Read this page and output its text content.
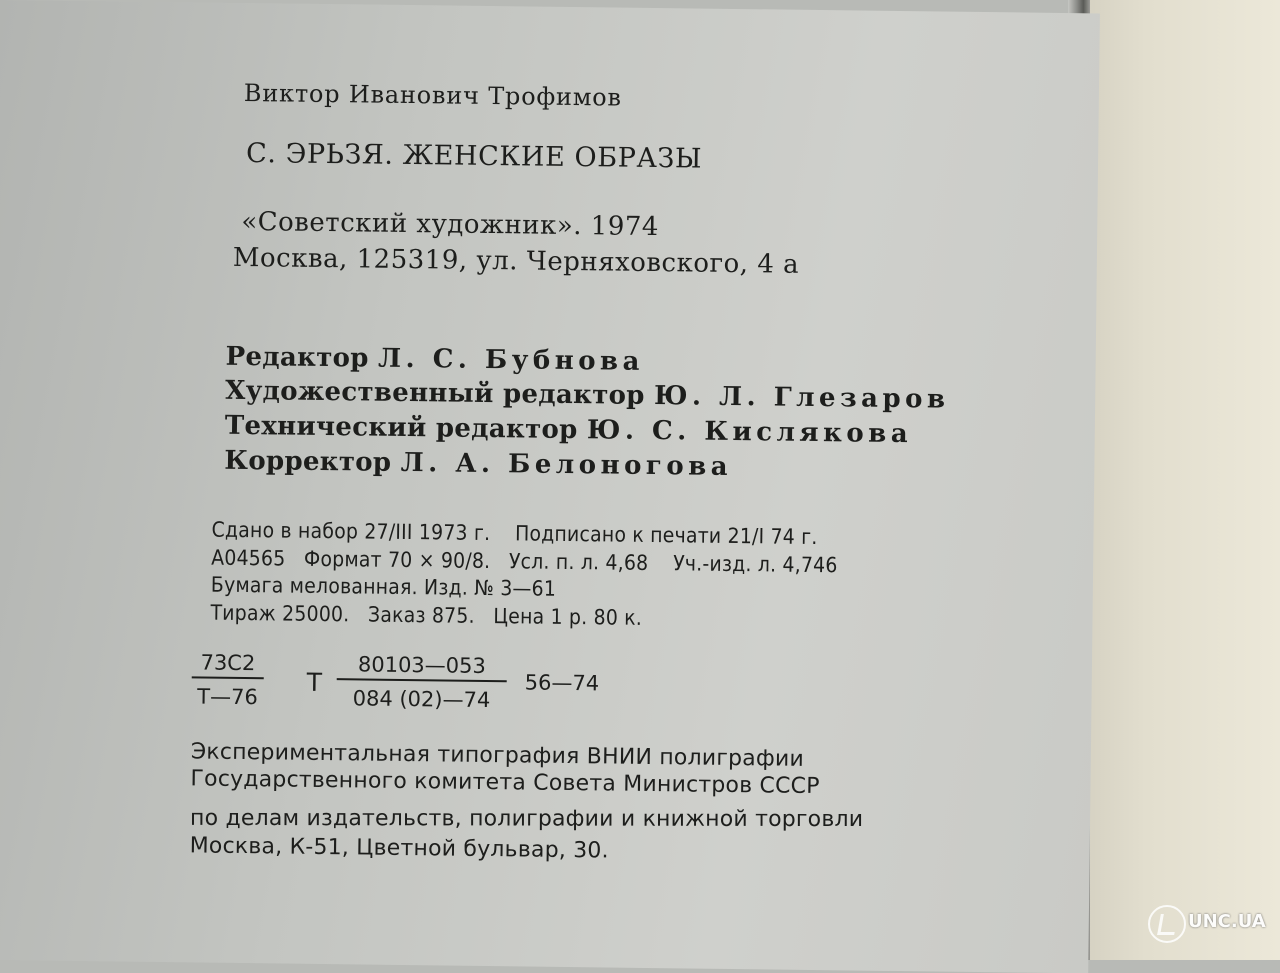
Виктор Иванович Трофимов
С. ЭРЬЗЯ. ЖЕНСКИЕ ОБРАЗЫ
«Советский художник». 1974
Москва, 125319, ул. Черняховского, 4 а
Редактор Л. С. Бубнова
Художественный редактор Ю. Л. Глезаров
Технический редактор Ю. С. Кислякова
Корректор Л. А. Белоногова
Сдано в набор 27/III 1973 г.    Подписано к печати 21/I 74 г.
А04565   Формат 70 × 90/8.   Усл. п. л. 4,68    Уч.-изд. л. 4,746
Бумага мелованная. Изд. № 3—61
Тираж 25000.   Заказ 875.   Цена 1 р. 80 к.
73С2
Т—76 Т $\frac{80103—053}{084 (02)—74}$ 56—74
Экспериментальная типография ВНИИ полиграфии
Государственного комитета Совета Министров СССР
по делам издательств, полиграфии и книжной торговли
Москва, К-51, Цветной бульвар, 30.
UNC.UA
